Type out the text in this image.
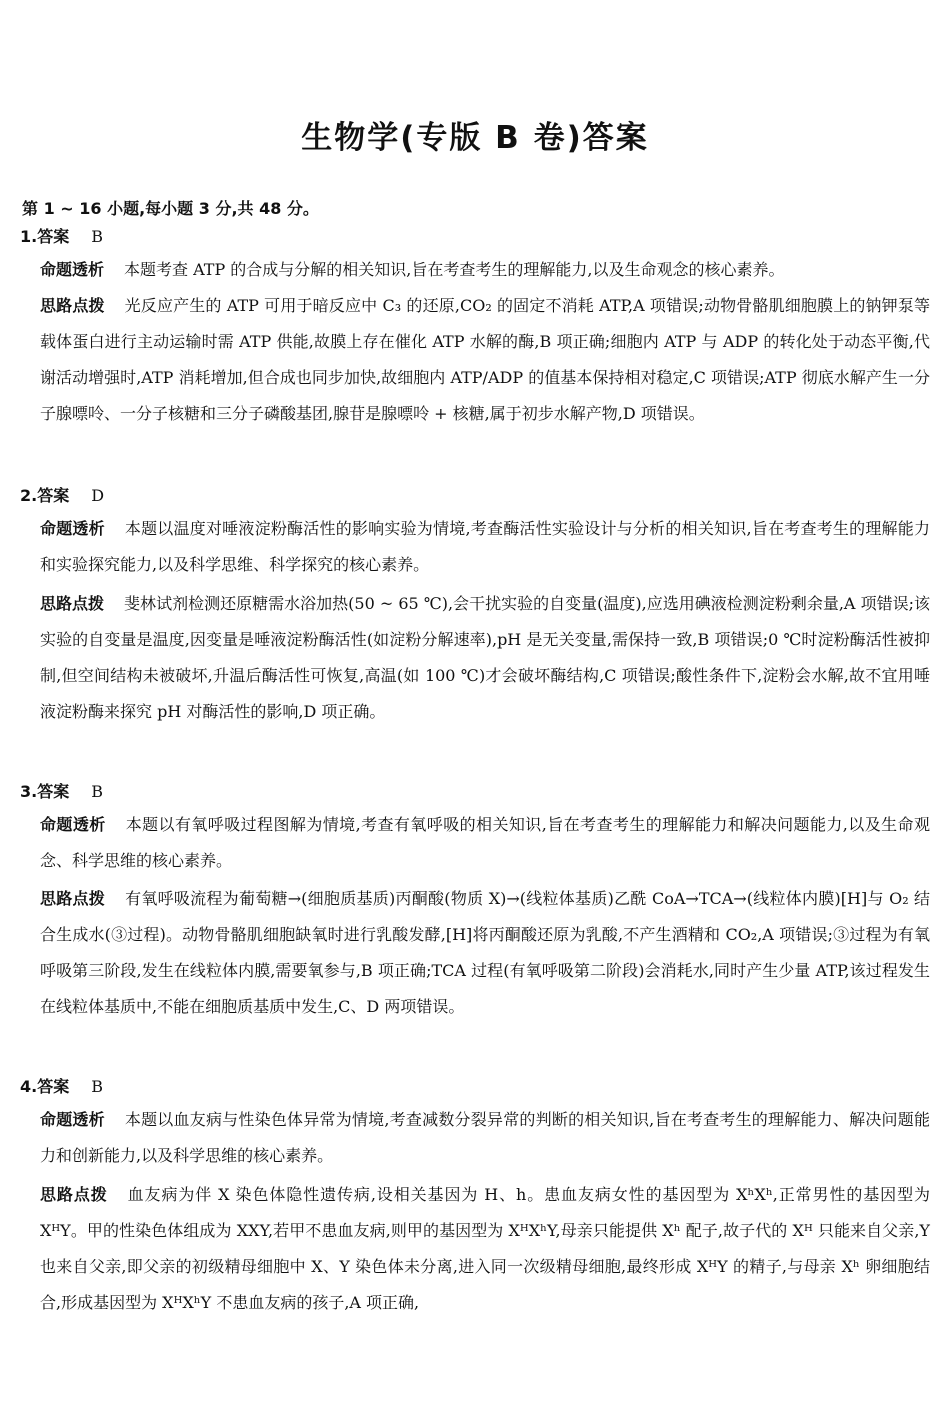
生物学(专版 B 卷)答案
第 1 ~ 16 小题,每小题 3 分,共 48 分。
1.答案 B
命题透析 本题考查 ATP 的合成与分解的相关知识,旨在考查考生的理解能力,以及生命观念的核心素养。
思路点拨 光反应产生的 ATP 可用于暗反应中 C₃ 的还原,CO₂ 的固定不消耗 ATP,A 项错误;动物骨骼肌细胞膜上的钠钾泵等载体蛋白进行主动运输时需 ATP 供能,故膜上存在催化 ATP 水解的酶,B 项正确;细胞内 ATP 与 ADP 的转化处于动态平衡,代谢活动增强时,ATP 消耗增加,但合成也同步加快,故细胞内 ATP/ADP 的值基本保持相对稳定,C 项错误;ATP 彻底水解产生一分子腺嘌呤、一分子核糖和三分子磷酸基团,腺苷是腺嘌呤 + 核糖,属于初步水解产物,D 项错误。
2.答案 D
命题透析 本题以温度对唾液淀粉酶活性的影响实验为情境,考查酶活性实验设计与分析的相关知识,旨在考查考生的理解能力和实验探究能力,以及科学思维、科学探究的核心素养。
思路点拨 斐林试剂检测还原糖需水浴加热(50 ~ 65 ℃),会干扰实验的自变量(温度),应选用碘液检测淀粉剩余量,A 项错误;该实验的自变量是温度,因变量是唾液淀粉酶活性(如淀粉分解速率),pH 是无关变量,需保持一致,B 项错误;0 ℃时淀粉酶活性被抑制,但空间结构未被破坏,升温后酶活性可恢复,高温(如 100 ℃)才会破坏酶结构,C 项错误;酸性条件下,淀粉会水解,故不宜用唾液淀粉酶来探究 pH 对酶活性的影响,D 项正确。
3.答案 B
命题透析 本题以有氧呼吸过程图解为情境,考查有氧呼吸的相关知识,旨在考查考生的理解能力和解决问题能力,以及生命观念、科学思维的核心素养。
思路点拨 有氧呼吸流程为葡萄糖→(细胞质基质)丙酮酸(物质 X)→(线粒体基质)乙酰 CoA→TCA→(线粒体内膜)[H]与 O₂ 结合生成水(③过程)。动物骨骼肌细胞缺氧时进行乳酸发酵,[H]将丙酮酸还原为乳酸,不产生酒精和 CO₂,A 项错误;③过程为有氧呼吸第三阶段,发生在线粒体内膜,需要氧参与,B 项正确;TCA 过程(有氧呼吸第二阶段)会消耗水,同时产生少量 ATP,该过程发生在线粒体基质中,不能在细胞质基质中发生,C、D 两项错误。
4.答案 B
命题透析 本题以血友病与性染色体异常为情境,考查减数分裂异常的判断的相关知识,旨在考查考生的理解能力、解决问题能力和创新能力,以及科学思维的核心素养。
思路点拨 血友病为伴 X 染色体隐性遗传病,设相关基因为 H、h。患血友病女性的基因型为 XʰXʰ,正常男性的基因型为 XᴴY。甲的性染色体组成为 XXY,若甲不患血友病,则甲的基因型为 XᴴXʰY,母亲只能提供 Xʰ 配子,故子代的 Xᴴ 只能来自父亲,Y 也来自父亲,即父亲的初级精母细胞中 X、Y 染色体未分离,进入同一次级精母细胞,最终形成 XᴴY 的精子,与母亲 Xʰ 卵细胞结合,形成基因型为 XᴴXʰY 不患血友病的孩子,A 项正确,
